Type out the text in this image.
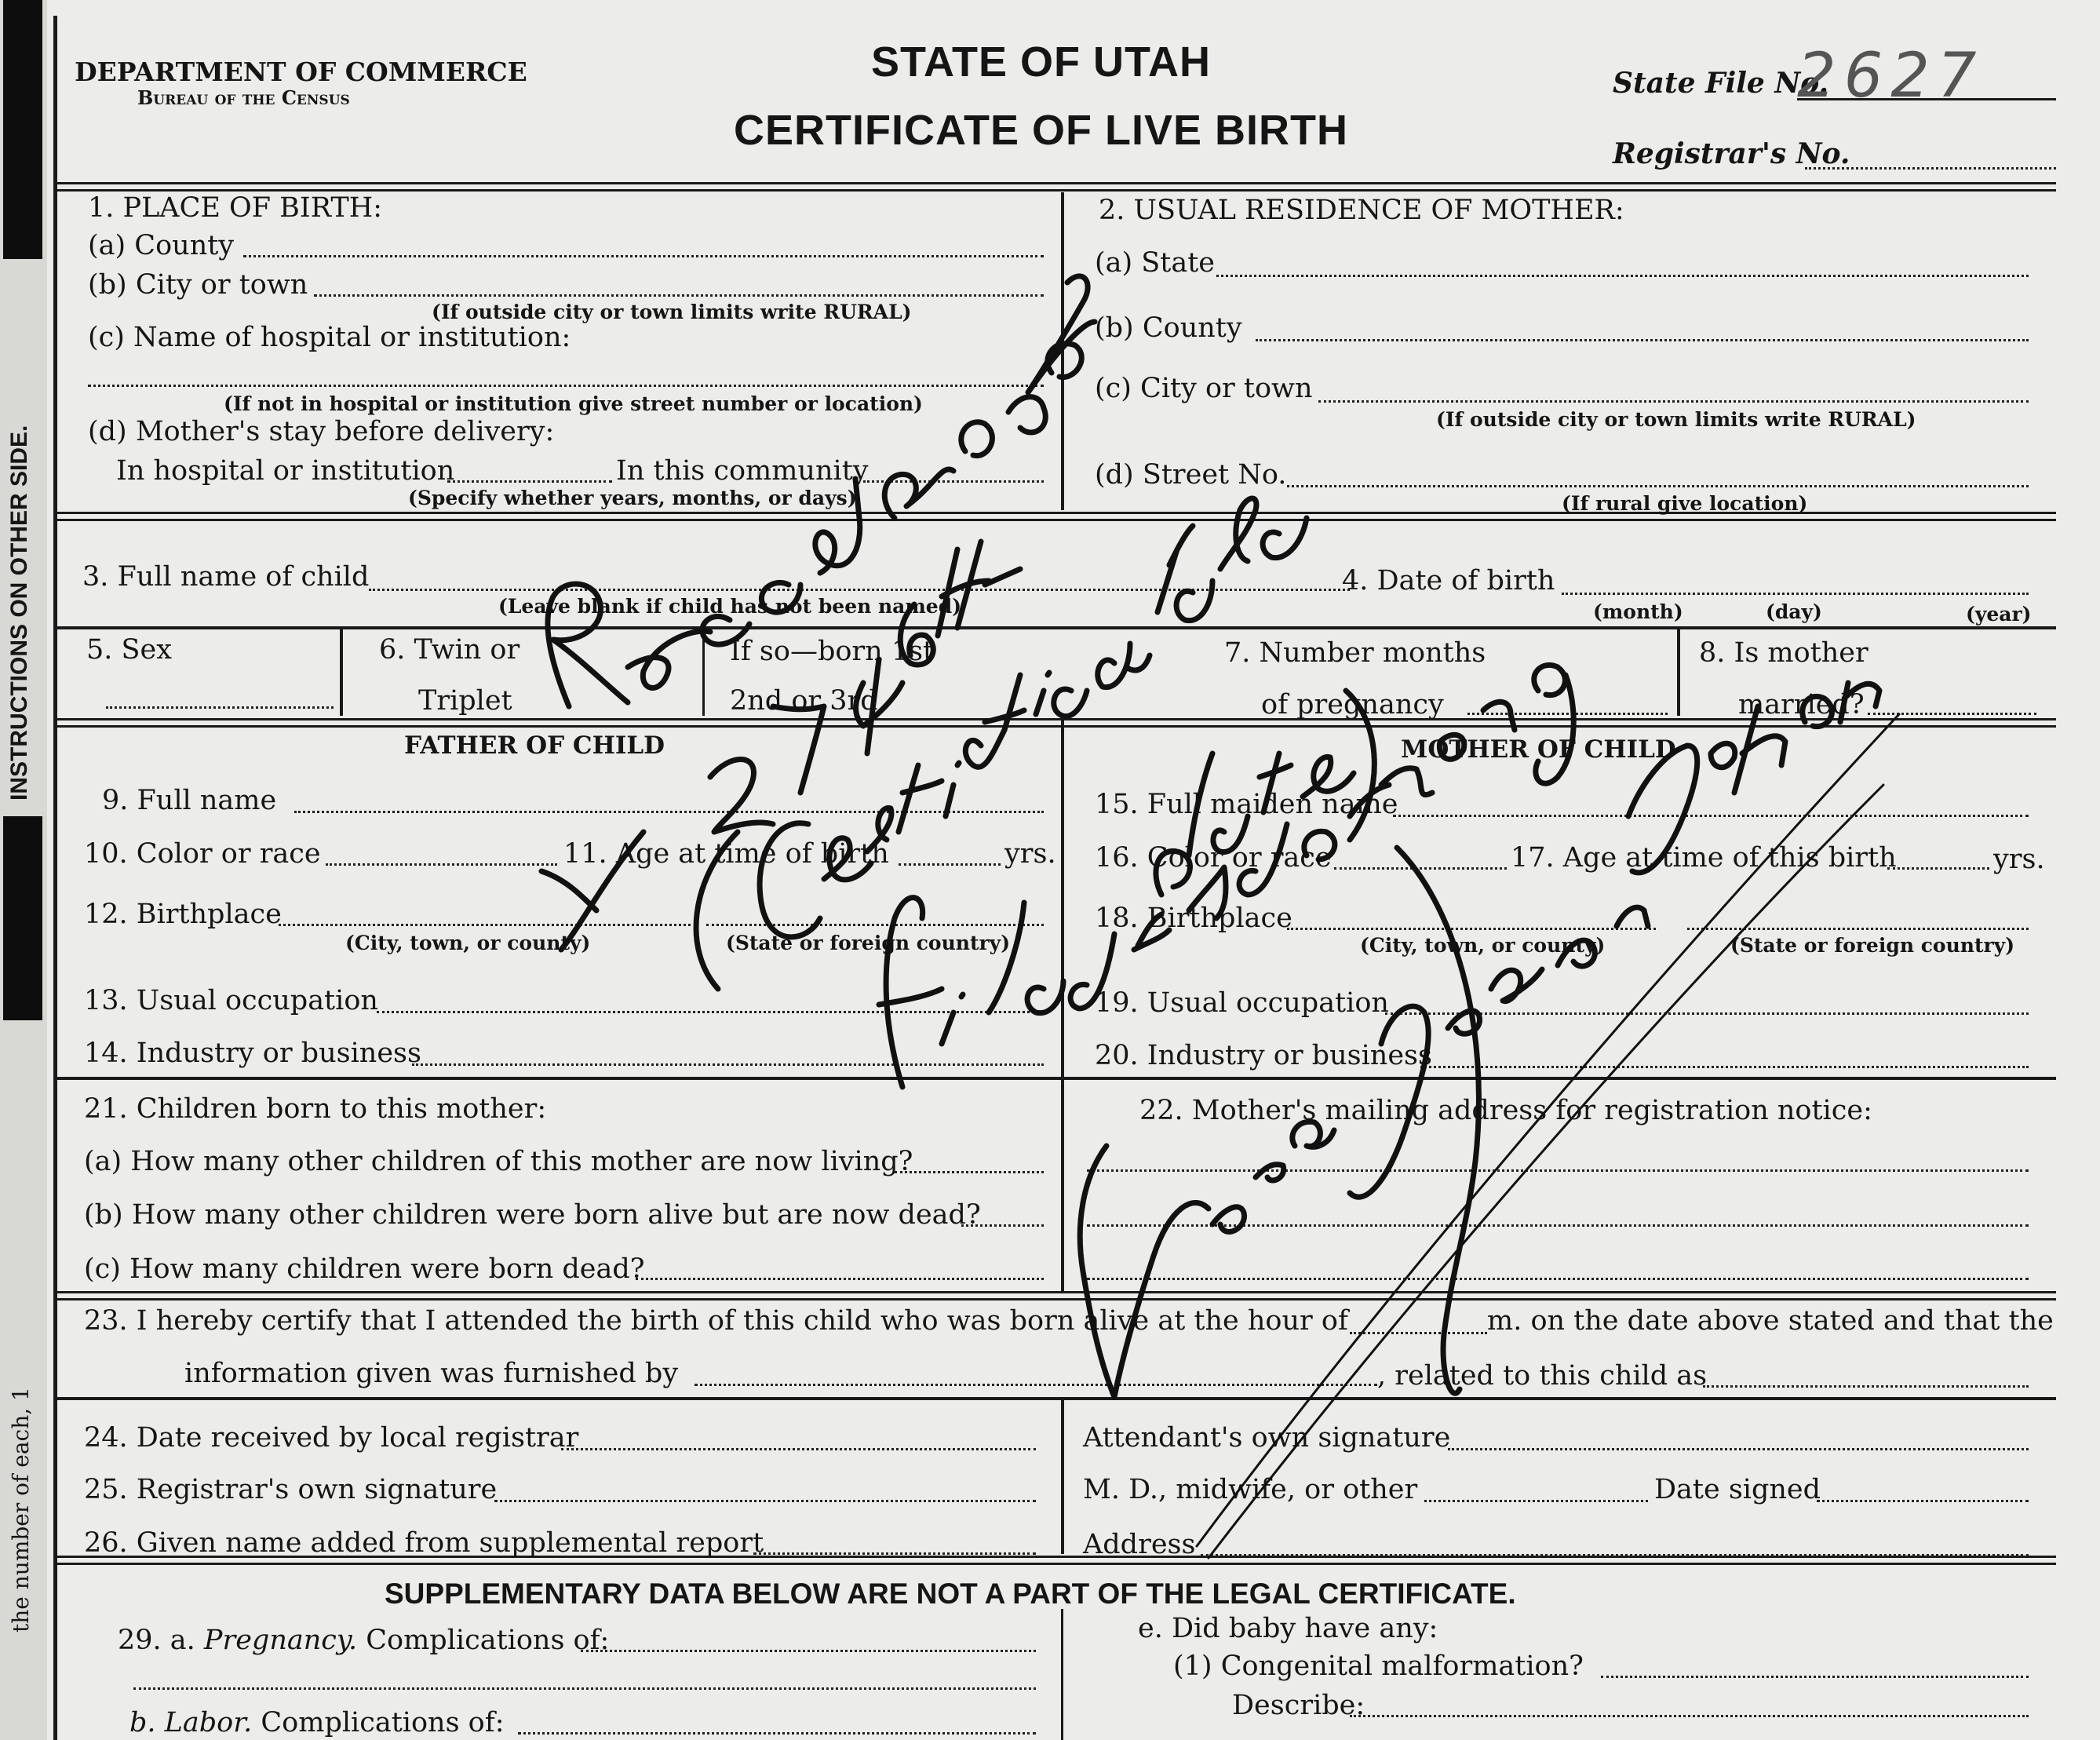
INSTRUCTIONS ON OTHER SIDE.
the number of each, 1
DEPARTMENT OF COMMERCE
Bureau of the Census
STATE OF UTAH
CERTIFICATE OF LIVE BIRTH
State File No.
2627
Registrar's No.
1. PLACE OF BIRTH:
(a) County
(b) City or town
(If outside city or town limits write RURAL)
(c) Name of hospital or institution:
(If not in hospital or institution give street number or location)
(d) Mother's stay before delivery:
In hospital or institution	In this community
(Specify whether years, months, or days)
2. USUAL RESIDENCE OF MOTHER:
(a) State
(b) County
(c) City or town
(If outside city or town limits write RURAL)
(d) Street No.
(If rural give location)
3. Full name of child
(Leave blank if child has not been named)
4. Date of birth
(month)	(day)	(year)
5. Sex	6. Twin or
Triplet
If so—born 1st
2nd or 3rd
7. Number months
of pregnancy
8. Is mother
married?
FATHER OF CHILD
9. Full name
10. Color or race	11. Age at time of birth	yrs.
12. Birthplace
(City, town, or county)	(State or foreign country)
13. Usual occupation
14. Industry or business
MOTHER OF CHILD
15. Full maiden name
16. Color or race	17. Age at time of this birth	yrs.
18. Birthplace
(City, town, or county)	(State or foreign country)
19. Usual occupation
20. Industry or business
21. Children born to this mother:
(a) How many other children of this mother are now living?
(b) How many other children were born alive but are now dead?
(c) How many children were born dead?
22. Mother's mailing address for registration notice:
23. I hereby certify that I attended the birth of this child who was born alive at the hour of	m. on the date above stated and that the
information given was furnished by	, related to this child as
24. Date received by local registrar
25. Registrar's own signature
26. Given name added from supplemental report
Attendant's own signature
M. D., midwife, or other	Date signed
Address
SUPPLEMENTARY DATA BELOW ARE NOT A PART OF THE LEGAL CERTIFICATE.
29. a. Pregnancy. Complications of:
b. Labor. Complications of:
e. Did baby have any:
(1) Congenital malformation?
Describe:
